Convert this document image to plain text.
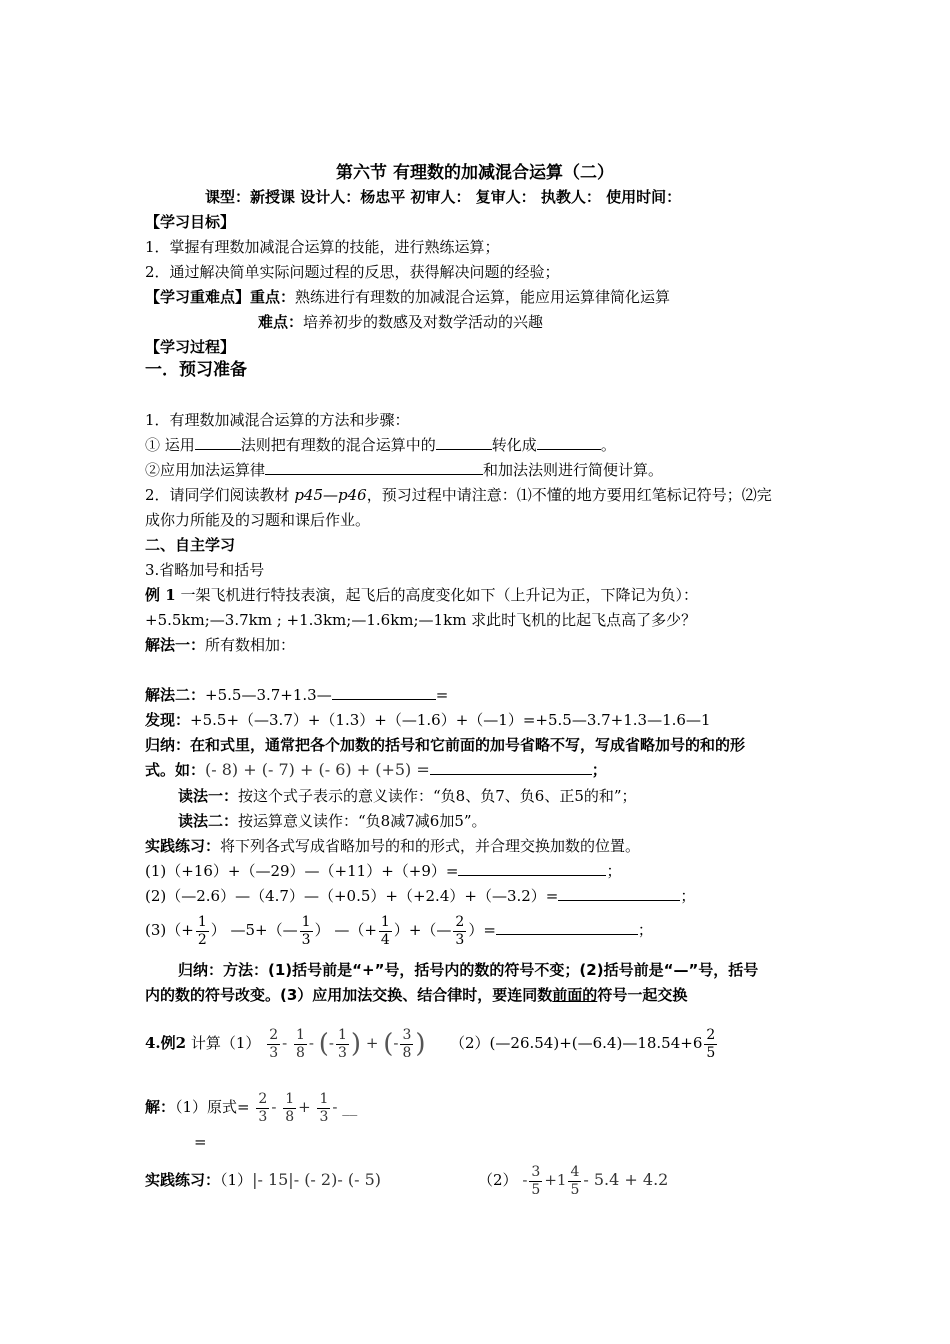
第六节 有理数的加减混合运算（二）
课型：新授课 设计人：杨忠平 初审人： 复审人： 执教人： 使用时间：
【学习目标】
1．掌握有理数加减混合运算的技能，进行熟练运算；
2．通过解决简单实际问题过程的反思，获得解决问题的经验；
【学习重难点】重点：熟练进行有理数的加减混合运算，能应用运算律简化运算
难点：培养初步的数感及对数学活动的兴趣
【学习过程】
一．预习准备
1．有理数加减混合运算的方法和步骤：
① 运用	法则把有理数的混合运算中的	转化成	。
②应用加法运算律	和加法法则进行简便计算。
2．请同学们阅读教材 p45—p46，预习过程中请注意：⑴不懂的地方要用红笔标记符号；⑵完
成你力所能及的习题和课后作业。
二、自主学习
3.省略加号和括号
例 1 一架飞机进行特技表演，起飞后的高度变化如下（上升记为正，下降记为负）：
+5.5km;—3.7km ; +1.3km;—1.6km;—1km 求此时飞机的比起飞点高了多少？
解法一：所有数相加：
解法二：+5.5—3.7+1.3—	=
发现：+5.5+（—3.7）+（1.3）+（—1.6）+（—1）=+5.5—3.7+1.3—1.6—1
归纳：在和式里，通常把各个加数的括号和它前面的加号省略不写，写成省略加号的和的形
式。如：(- 8) + (- 7) + (- 6) + (+5) =	；
读法一：按这个式子表示的意义读作：“负8、负7、负6、正5的和”；
读法二：按运算意义读作：“负8减7减6加5”。
实践练习：将下列各式写成省略加号的和的形式，并合理交换加数的位置。
(1)（+16）+（—29）—（+11）+（+9）=	；
(2)（—2.6）—（4.7）—（+0.5）+（+2.4）+（—3.2）=	；
$(3)(+ \frac{1}{2}$ ） —5+（— $\frac{1}{3}$ ） —（+ $\frac{1}{4}$ ）+（— $\frac{2}{3}$ ）=	；
归纳：方法：(1)括号前是“+”号，括号内的数的符号不变；(2)括号前是“—”号，括号
内的数的符号改变。(3）应用加法交换、结合律时，要连同数前面的符号一起交换
4.例2 计算$(1) \frac{2}{3} - \frac{1}{8}$ - (- $\frac{1}{3}$ ) + (- $\frac{3}{8}$ ) （2）(—26.54)+(—6.4)—18.54+6 $\frac{2}{5}$
解：（1）原式= $\frac{2}{3} - \frac{1}{8} + \frac{1}{3}$ - __
=
实践练习：（1）|- 15|- (- 2)- (- 5)	$(2) - \frac{3}{5} +1 \frac{4}{5} - 5.4 + 4.2$
